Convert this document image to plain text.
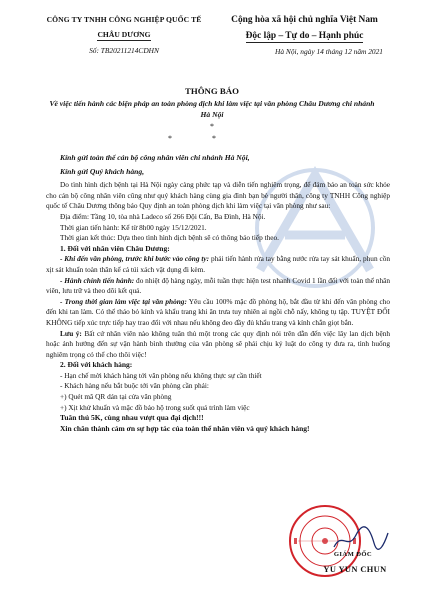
CÔNG TY TNHH CÔNG NGHIỆP QUỐC TẾ
CHÂU DƯƠNG
Số: TB20211214CDHN
Cộng hòa xã hội chủ nghĩa Việt Nam
Độc lập – Tự do – Hạnh phúc
Hà Nội, ngày 14 tháng 12 năm 2021
THÔNG BÁO
Về việc tiến hành các biện pháp an toàn phòng dịch khi làm việc tại văn phòng Châu Dương chi nhánh Hà Nội
*
**

Kính gửi toàn thể cán bộ công nhân viên chi nhánh Hà Nội,

Kính gửi Quý khách hàng,

Do tình hình dịch bệnh tại Hà Nội ngày càng phức tạp và diễn tiến nghiêm trọng, để đảm bảo an toàn sức khỏe cho cán bộ công nhân viên cũng như quý khách hàng cùng gia đình bạn bè người thân, công ty TNHH Công nghiệp quốc tế Châu Dương thông báo Quy định an toàn phòng dịch khi làm việc tại văn phòng như sau:

Địa điểm: Tầng 10, tòa nhà Ladeco số 266 Đội Cấn, Ba Đình, Hà Nội.

Thời gian tiến hành: Kể từ 8h00 ngày 15/12/2021.

Thời gian kết thúc: Dựa theo tình hình dịch bệnh sẽ có thông báo tiếp theo.

1. Đối với nhân viên Châu Dương:

- Khi đến văn phòng, trước khi bước vào công ty: phải tiến hành rửa tay bằng nước rửa tay sát khuẩn, phun cồn xịt sát khuẩn toàn thân kể cả túi xách vật dụng đi kèm.

- Hành chính tiến hành: đo nhiệt độ hàng ngày, mỗi tuần thực hiện test nhanh Covid 1 lần đối với toàn thể nhân viên, lưu trữ và theo dõi kết quả.

- Trong thời gian làm việc tại văn phòng: Yêu cầu 100% mặc đồ phòng hộ, bắt đầu từ khi đến văn phòng cho đến khi tan làm. Có thể tháo bỏ kính và khẩu trang khi ăn trưa tuy nhiên ai ngồi chỗ nấy, không tụ tập. TUYỆT ĐỐI KHÔNG tiếp xúc trực tiếp hay trao đổi với nhau nếu không đeo đầy đủ khẩu trang và kính chắn giọt bắn.

Lưu ý: Bất cứ nhân viên nào không tuân thủ một trong các quy định nói trên dẫn đến việc lây lan dịch bệnh hoặc ảnh hưởng đến sự vận hành bình thường của văn phòng sẽ phải chịu kỷ luật do công ty đưa ra, tình huống nghiêm trọng có thể cho thôi việc!

2. Đối với khách hàng:

- Hạn chế mời khách hàng tới văn phòng nếu không thực sự cần thiết

- Khách hàng nếu bắt buộc tới văn phòng cần phải:

+) Quét mã QR dán tại cửa văn phòng

+) Xịt khử khuẩn và mặc đồ bảo hộ trong suốt quá trình làm việc

Tuân thủ 5K, cùng nhau vượt qua đại dịch!!!

Xin chân thành cảm ơn sự hợp tác của toàn thể nhân viên và quý khách hàng!

GIÁM ĐỐC
YU YUN CHUN
